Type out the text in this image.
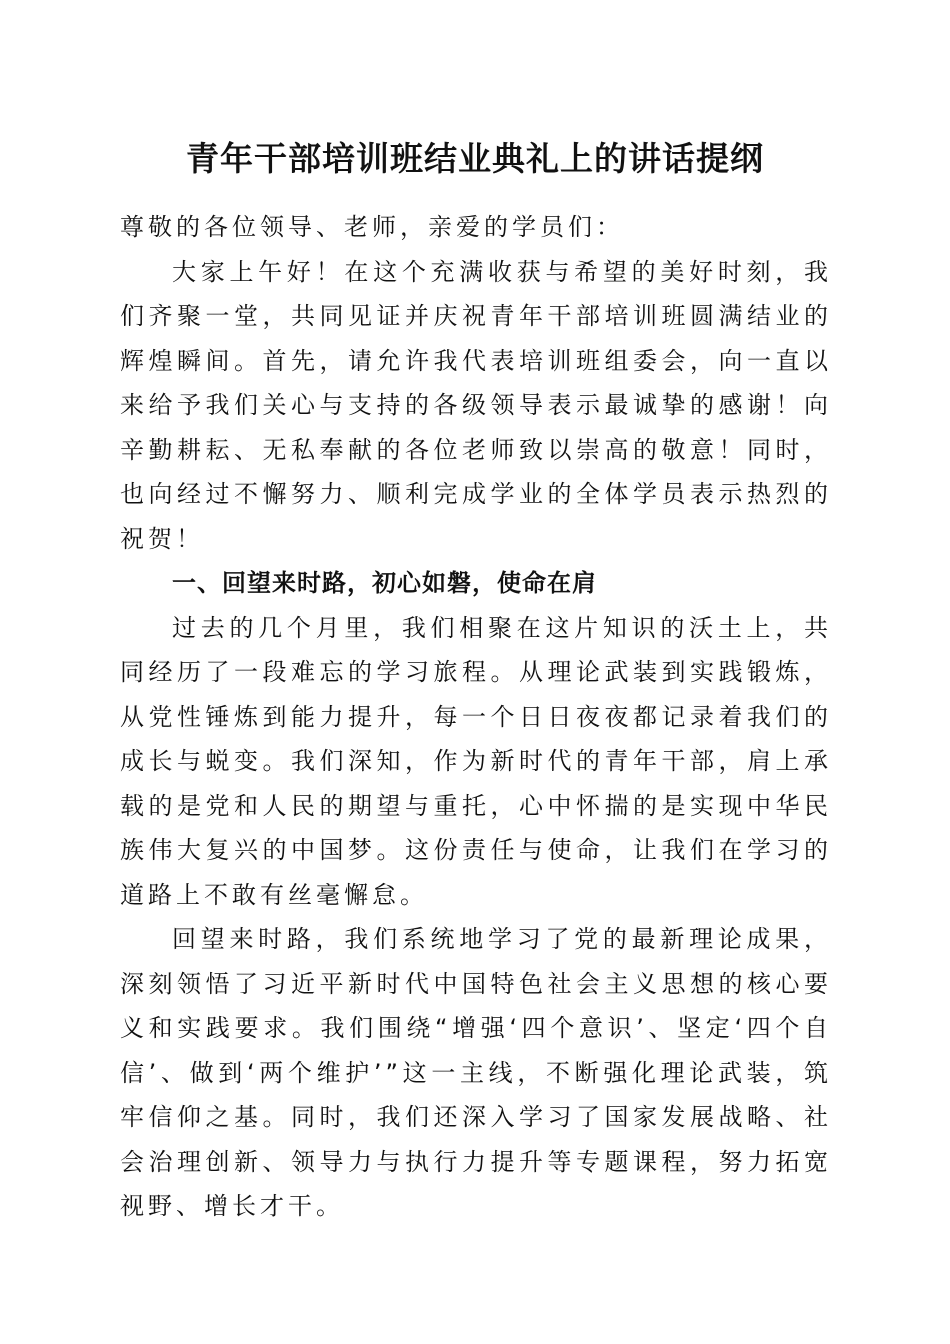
青年干部培训班结业典礼上的讲话提纲

尊敬的各位领导、老师，亲爱的学员们：

大家上午好！在这个充满收获与希望的美好时刻，我们齐聚一堂，共同见证并庆祝青年干部培训班圆满结业的辉煌瞬间。首先，请允许我代表培训班组委会，向一直以来给予我们关心与支持的各级领导表示最诚挚的感谢！向辛勤耕耘、无私奉献的各位老师致以崇高的敬意！同时，也向经过不懈努力、顺利完成学业的全体学员表示热烈的祝贺！

一、回望来时路，初心如磐，使命在肩

过去的几个月里，我们相聚在这片知识的沃土上，共同经历了一段难忘的学习旅程。从理论武装到实践锻炼，从党性锤炼到能力提升，每一个日日夜夜都记录着我们的成长与蜕变。我们深知，作为新时代的青年干部，肩上承载的是党和人民的期望与重托，心中怀揣的是实现中华民族伟大复兴的中国梦。这份责任与使命，让我们在学习的道路上不敢有丝毫懈怠。

回望来时路，我们系统地学习了党的最新理论成果，深刻领悟了习近平新时代中国特色社会主义思想的核心要义和实践要求。我们围绕“增强‘四个意识’、坚定‘四个自信’、做到‘两个维护’”这一主线，不断强化理论武装，筑牢信仰之基。同时，我们还深入学习了国家发展战略、社会治理创新、领导力与执行力提升等专题课程，努力拓宽视野、增长才干。
